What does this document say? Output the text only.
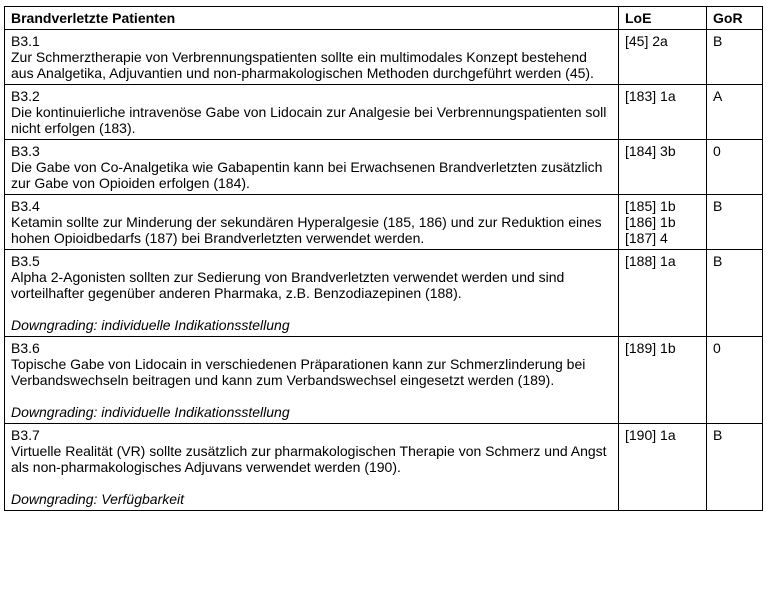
Brandverletzte Patienten	LoE	GoR

B3.1
Zur Schmerztherapie von Verbrennungspatienten sollte ein multimodales Konzept bestehend aus Analgetika, Adjuvantien und non-pharmakologischen Methoden durchgeführt werden (45).	[45] 2a	B

B3.2
Die kontinuierliche intravenöse Gabe von Lidocain zur Analgesie bei Verbrennungspatienten soll nicht erfolgen (183).	[183] 1a	A

B3.3
Die Gabe von Co-Analgetika wie Gabapentin kann bei Erwachsenen Brandverletzten zusätzlich zur Gabe von Opioiden erfolgen (184).	[184] 3b	0

B3.4
Ketamin sollte zur Minderung der sekundären Hyperalgesie (185, 186) und zur Reduktion eines hohen Opioidbedarfs (187) bei Brandverletzten verwendet werden.	[185] 1b
[186] 1b
[187] 4	B

B3.5
Alpha 2-Agonisten sollten zur Sedierung von Brandverletzten verwendet werden und sind vorteilhafter gegenüber anderen Pharmaka, z.B. Benzodiazepinen (188).
Downgrading: individuelle Indikationsstellung	[188] 1a	B

B3.6
Topische Gabe von Lidocain in verschiedenen Präparationen kann zur Schmerzlinderung bei Verbandswechseln beitragen und kann zum Verbandswechsel eingesetzt werden (189).
Downgrading: individuelle Indikationsstellung	[189] 1b	0

B3.7
Virtuelle Realität (VR) sollte zusätzlich zur pharmakologischen Therapie von Schmerz und Angst als non-pharmakologisches Adjuvans verwendet werden (190).
Downgrading: Verfügbarkeit	[190] 1a	B
